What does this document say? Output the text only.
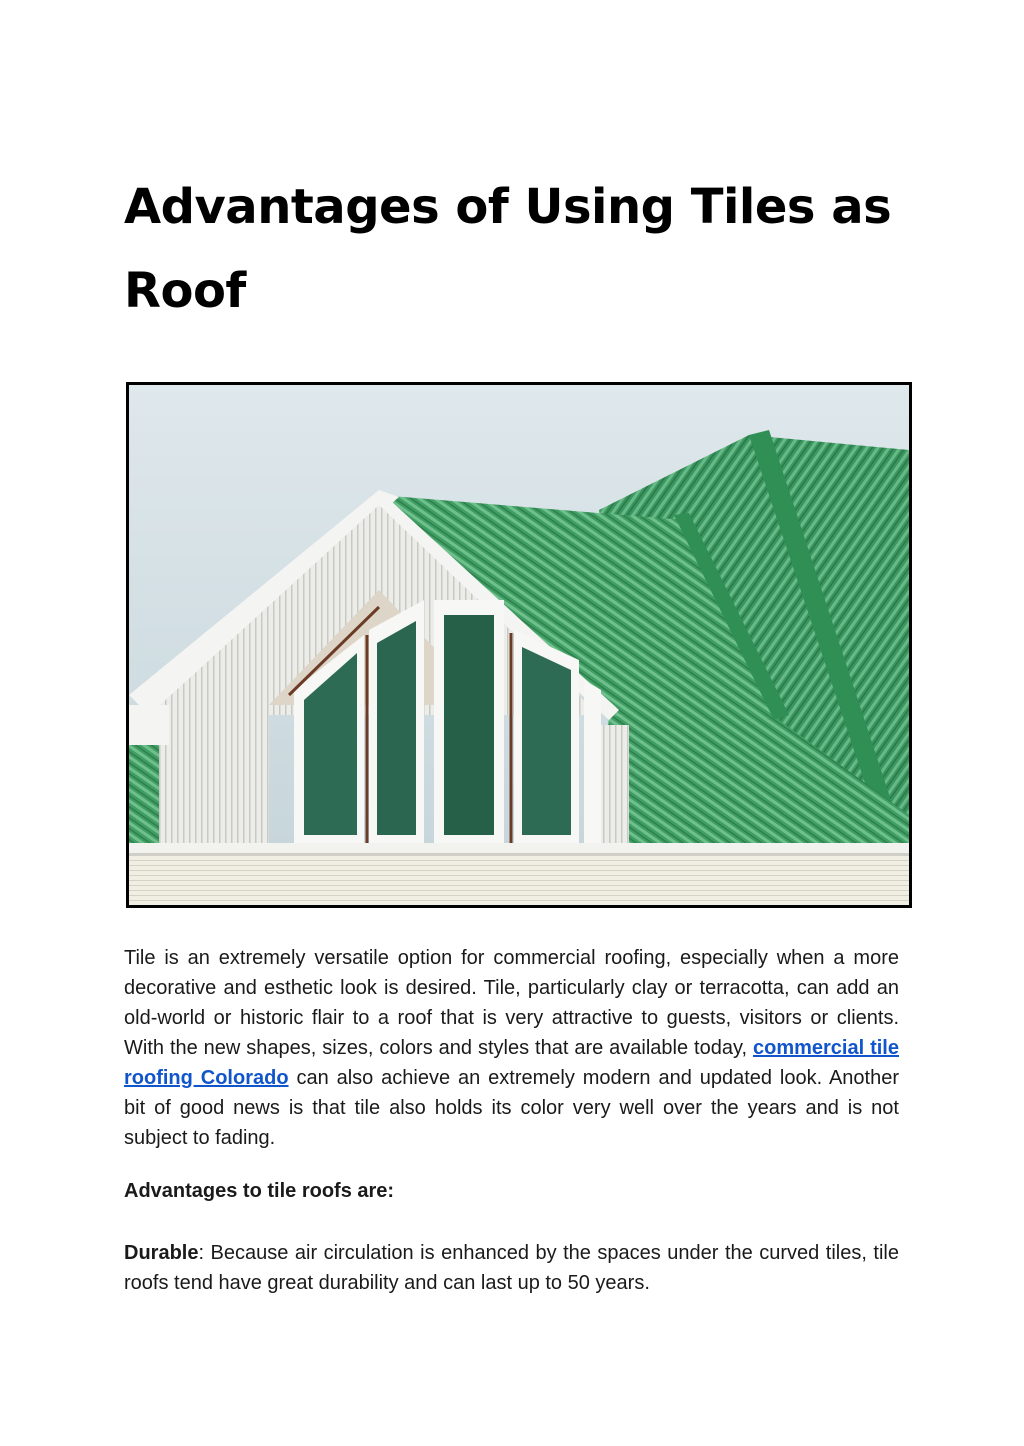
Advantages of Using Tiles as Roof

Tile is an extremely versatile option for commercial roofing, especially when a more decorative and esthetic look is desired. Tile, particularly clay or terracotta, can add an old-world or historic flair to a roof that is very attractive to guests, visitors or clients. With the new shapes, sizes, colors and styles that are available today, commercial tile roofing Colorado can also achieve an extremely modern and updated look. Another bit of good news is that tile also holds its color very well over the years and is not subject to fading.

Advantages to tile roofs are:

Durable: Because air circulation is enhanced by the spaces under the curved tiles, tile roofs tend have great durability and can last up to 50 years.
